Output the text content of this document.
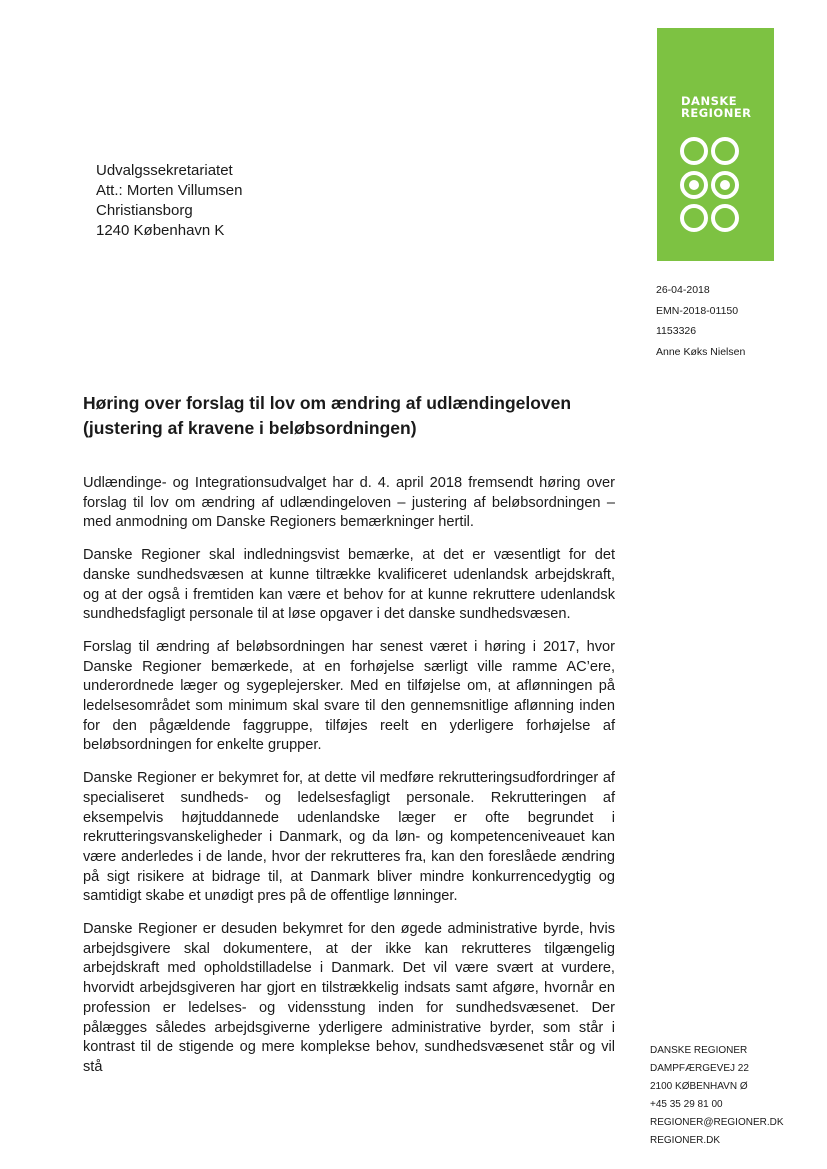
DANSKE
REGIONER
Udvalgssekretariatet
Att.: Morten Villumsen
Christiansborg
1240 København K
26-04-2018
EMN-2018-01150
1153326
Anne Køks Nielsen
Høring over forslag til lov om ændring af udlændingeloven (justering af kravene i beløbsordningen)

Udlændinge- og Integrationsudvalget har d. 4. april 2018 fremsendt høring over forslag til lov om ændring af udlændingeloven – justering af beløbsordningen – med anmodning om Danske Regioners bemærkninger hertil.

Danske Regioner skal indledningsvist bemærke, at det er væsentligt for det danske sundhedsvæsen at kunne tiltrække kvalificeret udenlandsk arbejdskraft, og at der også i fremtiden kan være et behov for at kunne rekruttere udenlandsk sundhedsfagligt personale til at løse opgaver i det danske sundhedsvæsen.

Forslag til ændring af beløbsordningen har senest været i høring i 2017, hvor Danske Regioner bemærkede, at en forhøjelse særligt ville ramme AC’ere, underordnede læger og sygeplejersker. Med en tilføjelse om, at aflønningen på ledelsesområdet som minimum skal svare til den gennemsnitlige aflønning inden for den pågældende faggruppe, tilføjes reelt en yderligere forhøjelse af beløbsordningen for enkelte grupper.

Danske Regioner er bekymret for, at dette vil medføre rekrutteringsudfordringer af specialiseret sundheds- og ledelsesfagligt personale. Rekrutteringen af eksempelvis højtuddannede udenlandske læger er ofte begrundet i rekrutteringsvanskeligheder i Danmark, og da løn- og kompetenceniveauet kan være anderledes i de lande, hvor der rekrutteres fra, kan den foreslåede ændring på sigt risikere at bidrage til, at Danmark bliver mindre konkurrencedygtig og samtidigt skabe et unødigt pres på de offentlige lønninger.

Danske Regioner er desuden bekymret for den øgede administrative byrde, hvis arbejdsgivere skal dokumentere, at der ikke kan rekrutteres tilgængelig arbejdskraft med opholdstilladelse i Danmark. Det vil være svært at vurdere, hvorvidt arbejdsgiveren har gjort en tilstrækkelig indsats samt afgøre, hvornår en profession er ledelses- og vidensstung inden for sundhedsvæsenet. Der pålægges således arbejdsgiverne yderligere administrative byrder, som står i kontrast til de stigende og mere komplekse behov, sundhedsvæsenet står og vil stå

DANSKE REGIONER
DAMPFÆRGEVEJ 22
2100 KØBENHAVN Ø
+45 35 29 81 00
REGIONER@REGIONER.DK
REGIONER.DK
